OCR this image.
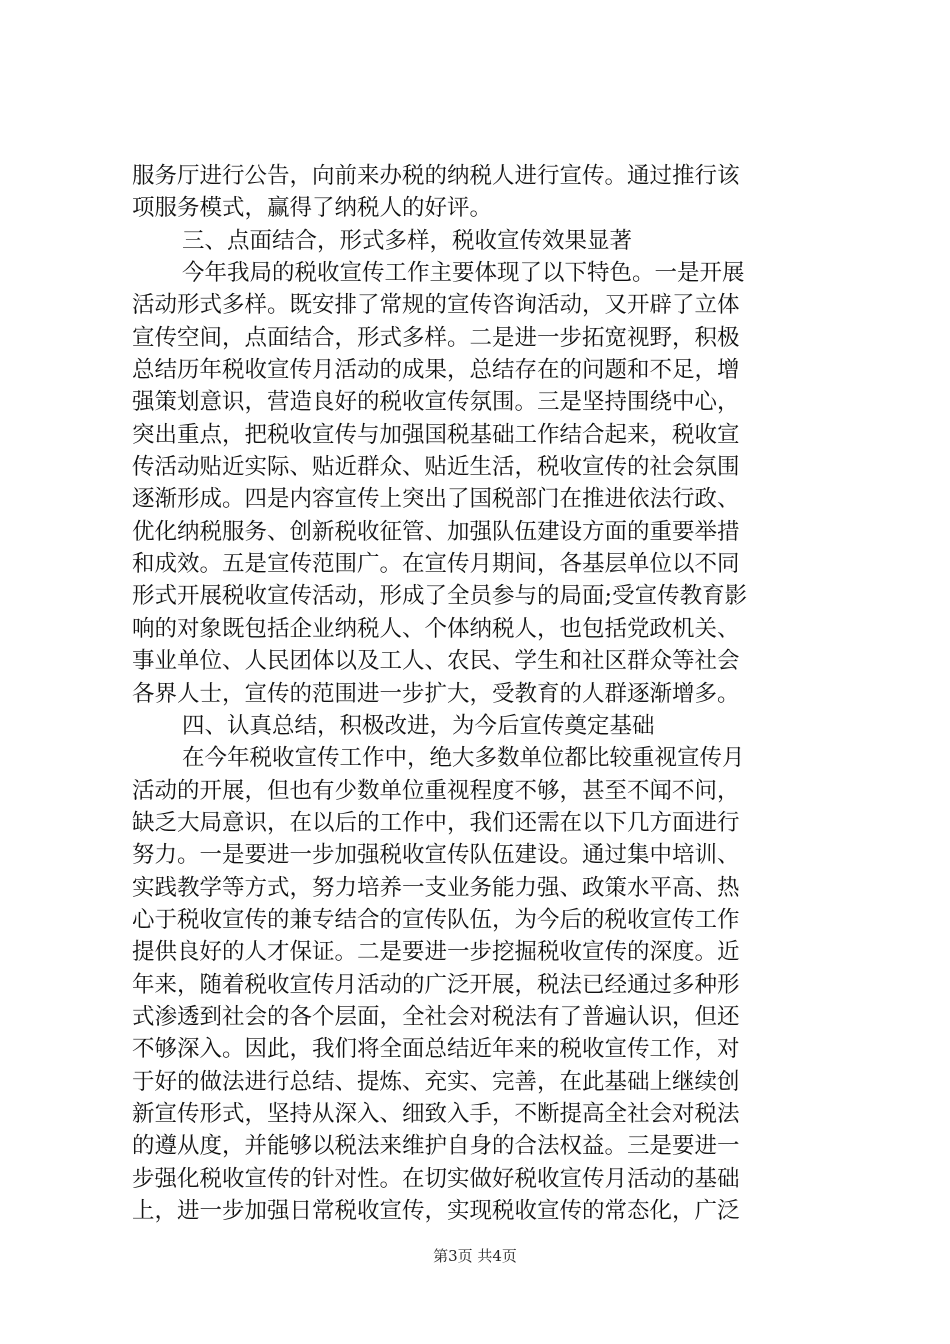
服务厅进行公告，向前来办税的纳税人进行宣传。通过推行该
项服务模式，赢得了纳税人的好评。
三、点面结合，形式多样，税收宣传效果显著
今年我局的税收宣传工作主要体现了以下特色。一是开展
活动形式多样。既安排了常规的宣传咨询活动，又开辟了立体
宣传空间，点面结合，形式多样。二是进一步拓宽视野，积极
总结历年税收宣传月活动的成果，总结存在的问题和不足，增
强策划意识，营造良好的税收宣传氛围。三是坚持围绕中心，
突出重点，把税收宣传与加强国税基础工作结合起来，税收宣
传活动贴近实际、贴近群众、贴近生活，税收宣传的社会氛围
逐渐形成。四是内容宣传上突出了国税部门在推进依法行政、
优化纳税服务、创新税收征管、加强队伍建设方面的重要举措
和成效。五是宣传范围广。在宣传月期间，各基层单位以不同
形式开展税收宣传活动，形成了全员参与的局面;受宣传教育影
响的对象既包括企业纳税人、个体纳税人，也包括党政机关、
事业单位、人民团体以及工人、农民、学生和社区群众等社会
各界人士，宣传的范围进一步扩大，受教育的人群逐渐增多。
四、认真总结，积极改进，为今后宣传奠定基础
在今年税收宣传工作中，绝大多数单位都比较重视宣传月
活动的开展，但也有少数单位重视程度不够，甚至不闻不问，
缺乏大局意识，在以后的工作中，我们还需在以下几方面进行
努力。一是要进一步加强税收宣传队伍建设。通过集中培训、
实践教学等方式，努力培养一支业务能力强、政策水平高、热
心于税收宣传的兼专结合的宣传队伍，为今后的税收宣传工作
提供良好的人才保证。二是要进一步挖掘税收宣传的深度。近
年来，随着税收宣传月活动的广泛开展，税法已经通过多种形
式渗透到社会的各个层面，全社会对税法有了普遍认识，但还
不够深入。因此，我们将全面总结近年来的税收宣传工作，对
于好的做法进行总结、提炼、充实、完善，在此基础上继续创
新宣传形式，坚持从深入、细致入手，不断提高全社会对税法
的遵从度，并能够以税法来维护自身的合法权益。三是要进一
步强化税收宣传的针对性。在切实做好税收宣传月活动的基础
上，进一步加强日常税收宣传，实现税收宣传的常态化，广泛
第3页 共4页
